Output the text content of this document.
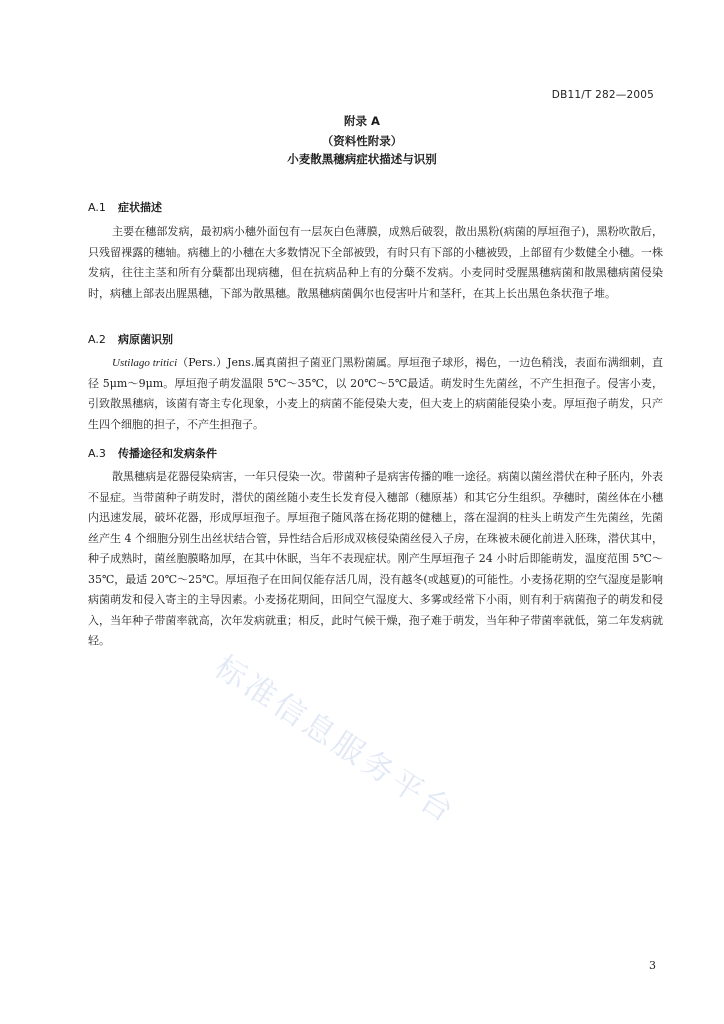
DB11/T 282—2005
附录 A
（资料性附录）
小麦散黑穗病症状描述与识别
A.1 症状描述
主要在穗部发病，最初病小穗外面包有一层灰白色薄膜，成熟后破裂，散出黑粉(病菌的厚垣孢子)，黑粉吹散后，只残留裸露的穗轴。病穗上的小穗在大多数情况下全部被毁，有时只有下部的小穗被毁，上部留有少数健全小穗。一株发病，往往主茎和所有分蘖都出现病穗，但在抗病品种上有的分蘖不发病。小麦同时受腥黑穗病菌和散黑穗病菌侵染时，病穗上部表出腥黑穗，下部为散黑穗。散黑穗病菌偶尔也侵害叶片和茎秆，在其上长出黑色条状孢子堆。
A.2 病原菌识别
Ustilago tritici（Pers.）Jens.属真菌担子菌亚门黑粉菌属。厚垣孢子球形，褐色，一边色稍浅，表面布满细刺，直径 5μm～9μm。厚垣孢子萌发温限 5℃～35℃，以 20℃～5℃最适。萌发时生先菌丝，不产生担孢子。侵害小麦，引致散黑穗病，该菌有寄主专化现象，小麦上的病菌不能侵染大麦，但大麦上的病菌能侵染小麦。厚垣孢子萌发，只产生四个细胞的担子，不产生担孢子。
A.3 传播途径和发病条件
散黑穗病是花器侵染病害，一年只侵染一次。带菌种子是病害传播的唯一途径。病菌以菌丝潜伏在种子胚内，外表不显症。当带菌种子萌发时，潜伏的菌丝随小麦生长发育侵入穗部（穗原基）和其它分生组织。孕穗时，菌丝体在小穗内迅速发展，破坏花器，形成厚垣孢子。厚垣孢子随风落在扬花期的健穗上，落在湿润的柱头上萌发产生先菌丝，先菌丝产生 4 个细胞分别生出丝状结合管，异性结合后形成双核侵染菌丝侵入子房，在珠被未硬化前进入胚珠，潜伏其中，种子成熟时，菌丝胞膜略加厚，在其中休眠，当年不表现症状。刚产生厚垣孢子 24 小时后即能萌发，温度范围 5℃～35℃，最适 20℃～25℃。厚垣孢子在田间仅能存活几周，没有越冬(或越夏)的可能性。小麦扬花期的空气湿度是影响病菌萌发和侵入寄主的主导因素。小麦扬花期间，田间空气湿度大、多雾或经常下小雨，则有利于病菌孢子的萌发和侵入，当年种子带菌率就高，次年发病就重；相反，此时气候干燥，孢子难于萌发，当年种子带菌率就低，第二年发病就轻。
标准信息服务平台
3
